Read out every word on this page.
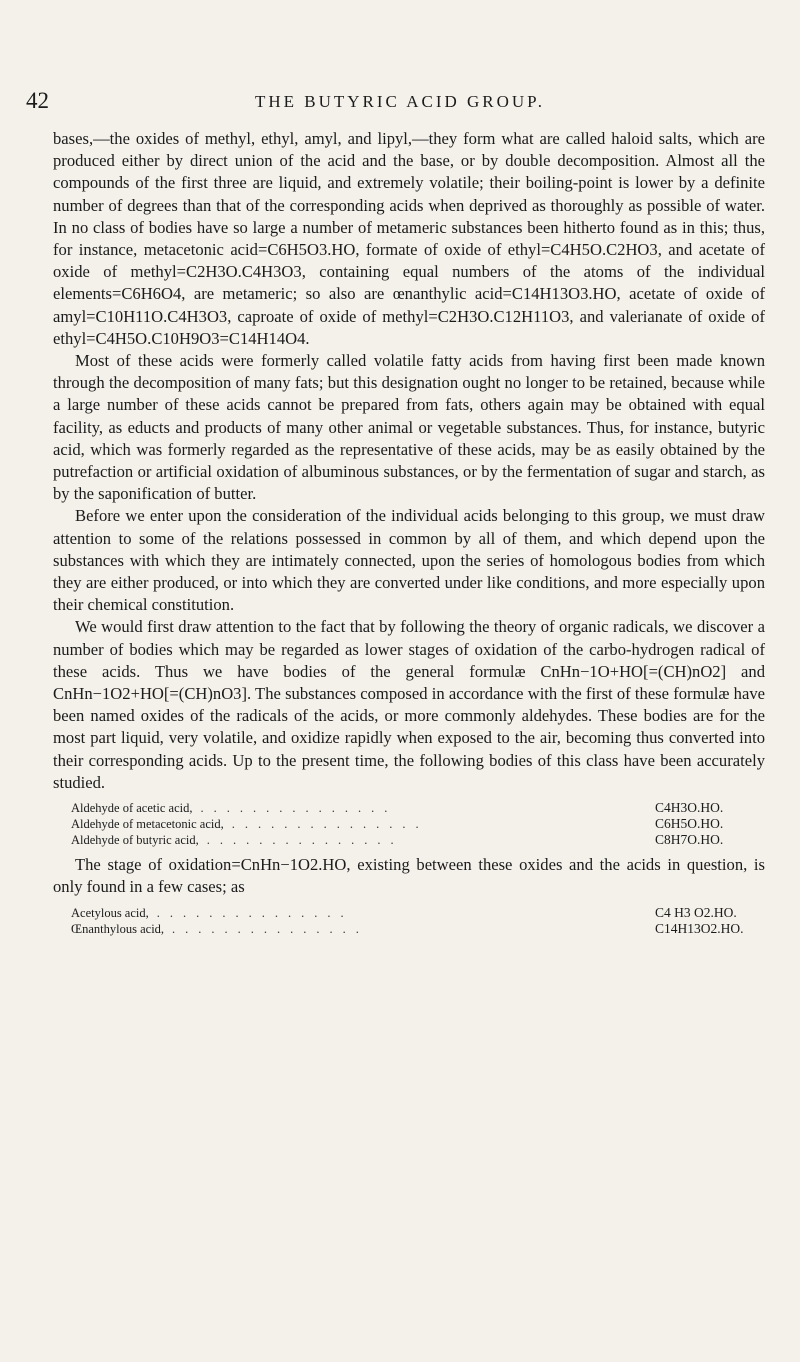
42	THE BUTYRIC ACID GROUP.

bases,—the oxides of methyl, ethyl, amyl, and lipyl,—they form what are called haloid salts, which are produced either by direct union of the acid and the base, or by double decomposition. Almost all the compounds of the first three are liquid, and extremely volatile; their boiling-point is lower by a definite number of degrees than that of the corresponding acids when deprived as thoroughly as possible of water. In no class of bodies have so large a number of metameric substances been hitherto found as in this; thus, for instance, metacetonic acid=C6H5O3.HO, formate of oxide of ethyl=C4H5O.C2HO3, and acetate of oxide of methyl=C2H3O.C4H3O3, containing equal numbers of the atoms of the individual elements=C6H6O4, are metameric; so also are œnanthylic acid=C14H13O3.HO, acetate of oxide of amyl=C10H11O.C4H3O3, caproate of oxide of methyl=C2H3O.C12H11O3, and valerianate of oxide of ethyl=C4H5O.C10H9O3=C14H14O4.

Most of these acids were formerly called volatile fatty acids from having first been made known through the decomposition of many fats; but this designation ought no longer to be retained, because while a large number of these acids cannot be prepared from fats, others again may be obtained with equal facility, as educts and products of many other animal or vegetable substances. Thus, for instance, butyric acid, which was formerly regarded as the representative of these acids, may be as easily obtained by the putrefaction or artificial oxidation of albuminous substances, or by the fermentation of sugar and starch, as by the saponification of butter.

Before we enter upon the consideration of the individual acids belonging to this group, we must draw attention to some of the relations possessed in common by all of them, and which depend upon the substances with which they are intimately connected, upon the series of homologous bodies from which they are either produced, or into which they are converted under like conditions, and more especially upon their chemical constitution.

We would first draw attention to the fact that by following the theory of organic radicals, we discover a number of bodies which may be regarded as lower stages of oxidation of the carbo-hydrogen radical of these acids. Thus we have bodies of the general formulæ CnHn−1O+HO[=(CH)nO2] and CnHn−1O2+HO[=(CH)nO3]. The substances composed in accordance with the first of these formulæ have been named oxides of the radicals of the acids, or more commonly aldehydes. These bodies are for the most part liquid, very volatile, and oxidize rapidly when exposed to the air, becoming thus converted into their corresponding acids. Up to the present time, the following bodies of this class have been accurately studied.

Aldehyde of acetic acid, ...............	C4H3O.HO.
Aldehyde of metacetonic acid, ...............	C6H5O.HO.
Aldehyde of butyric acid, ...............	C8H7O.HO.

The stage of oxidation=CnHn−1O2.HO, existing between these oxides and the acids in question, is only found in a few cases; as

Acetylous acid, ...............	C4 H3 O2.HO.
Œnanthylous acid, ...............	C14H13O2.HO.
